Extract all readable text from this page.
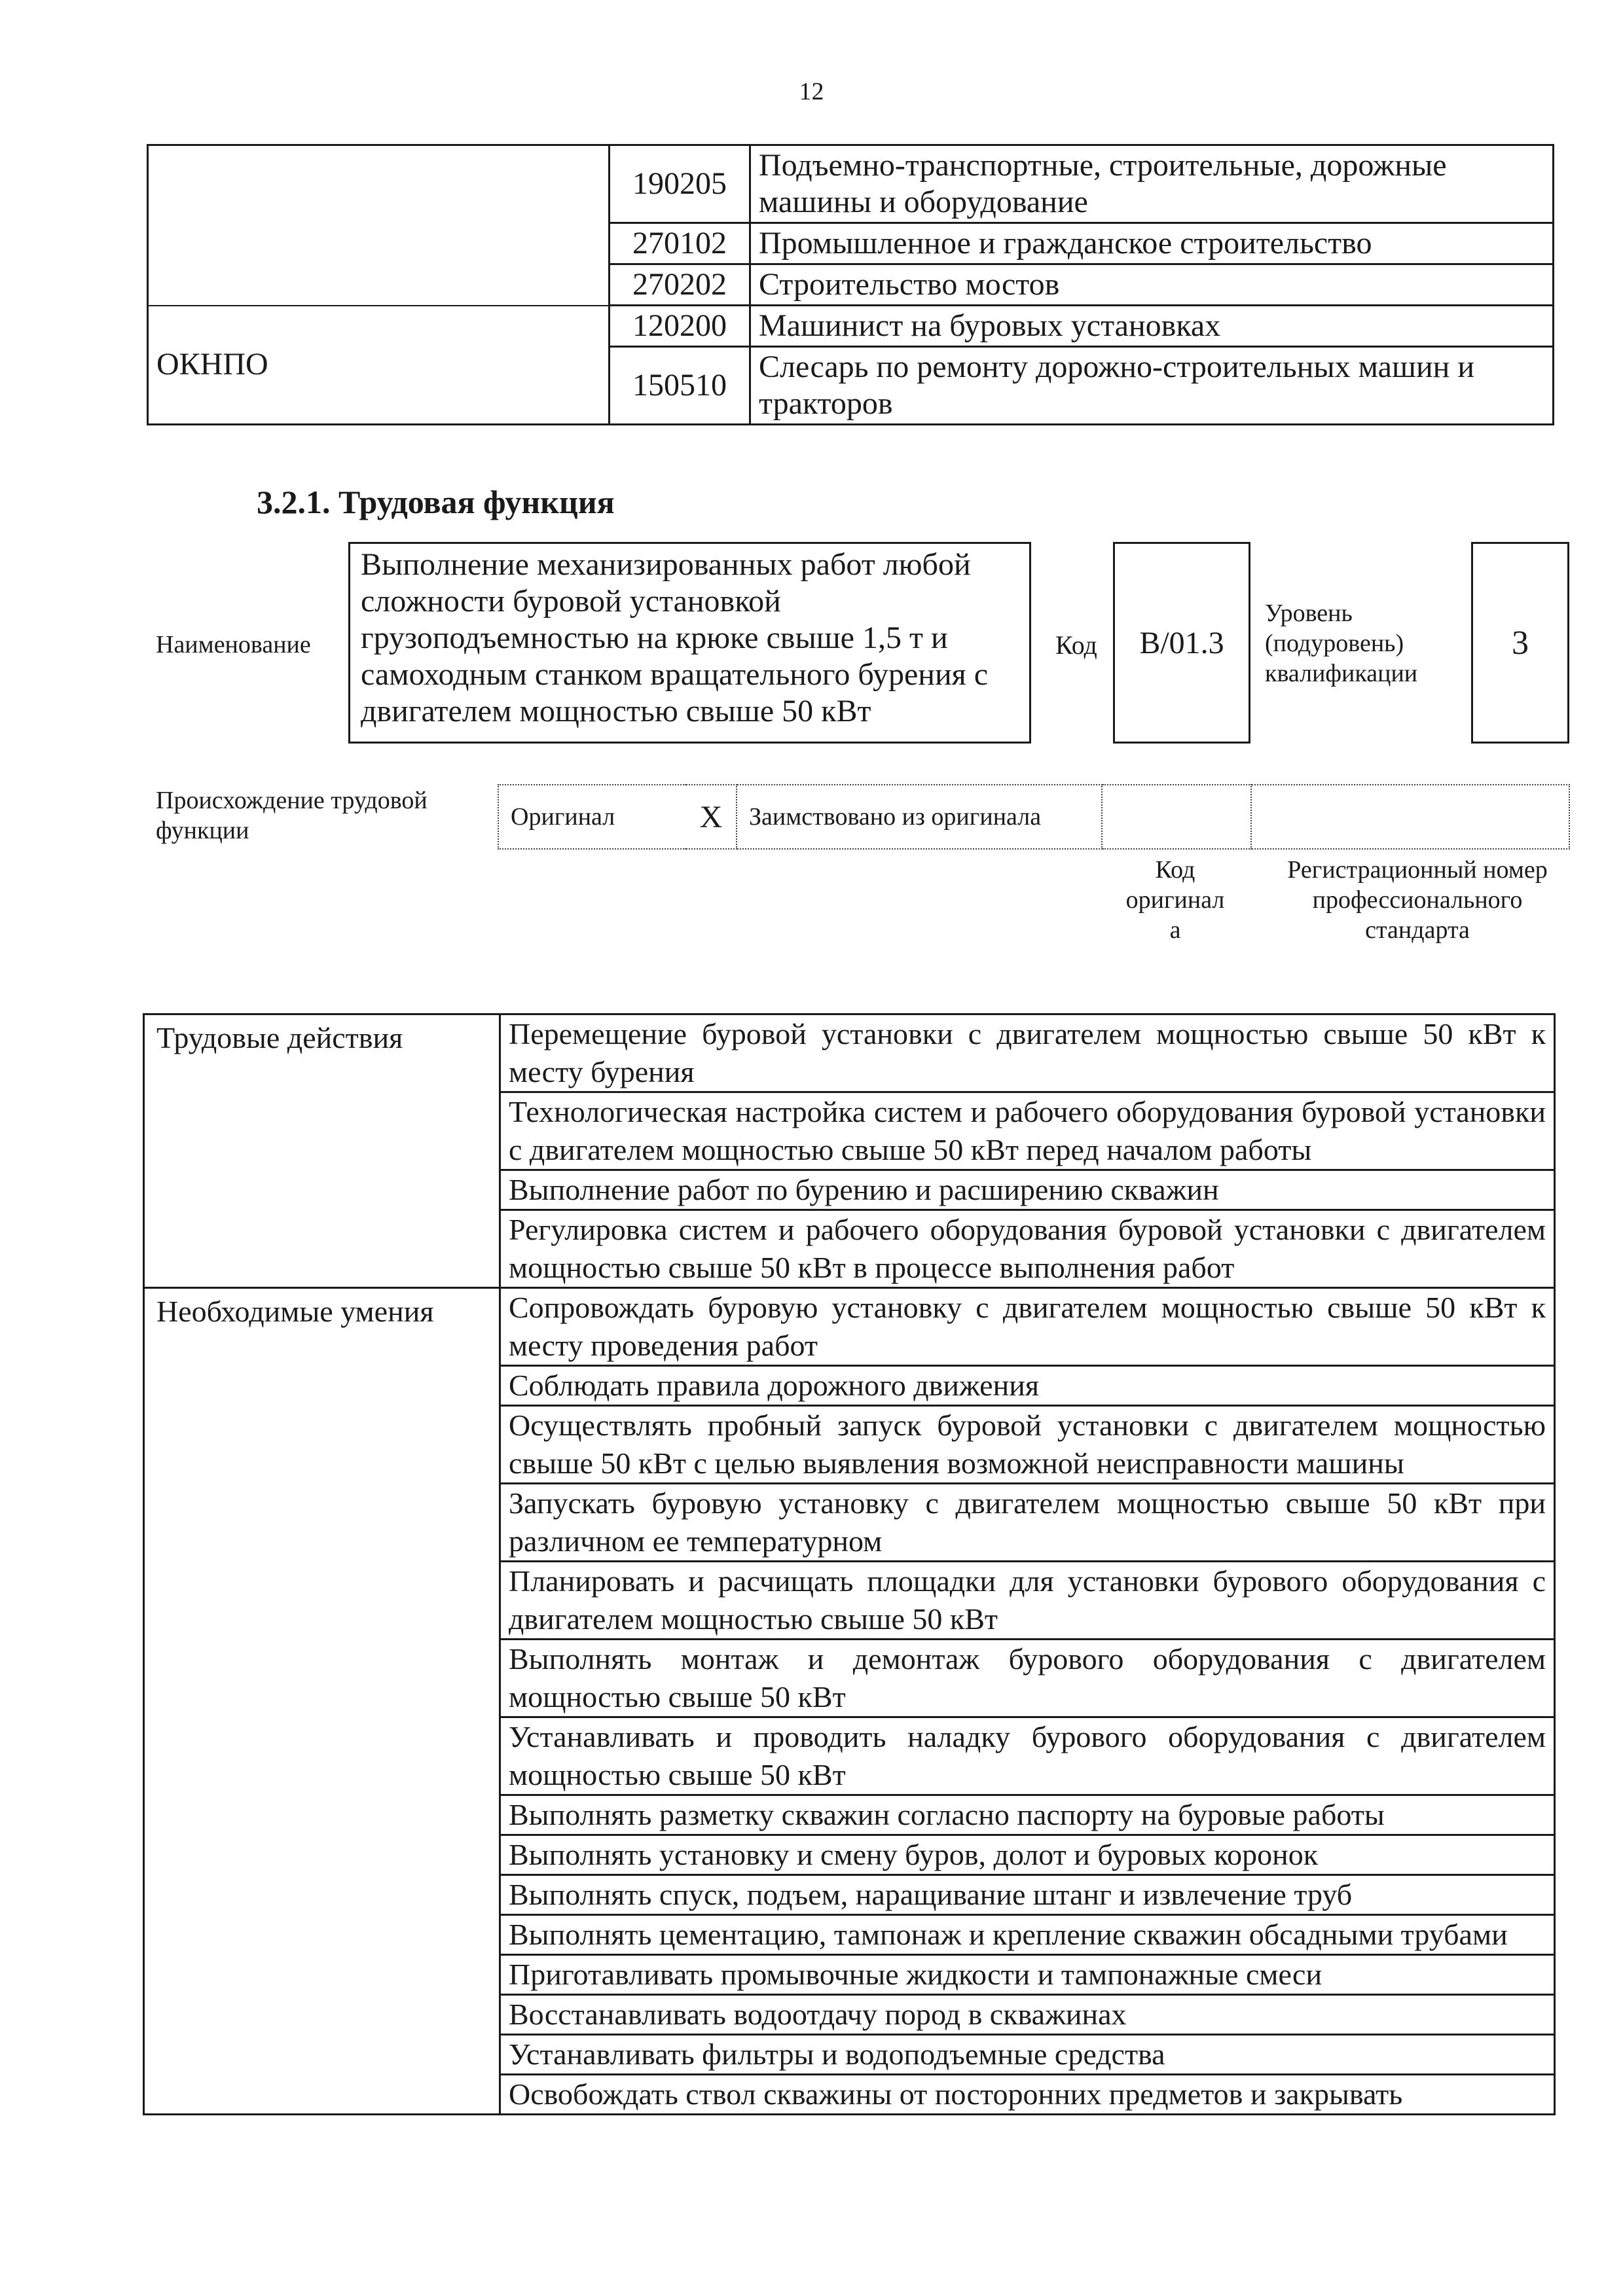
12
	190205	Подъемно-транспортные, строительные, дорожные машины и оборудование
	270102	Промышленное и гражданское строительство
	270202	Строительство мостов
ОКНПО	120200	Машинист на буровых установках
	150510	Слесарь по ремонту дорожно-строительных машин и тракторов
3.2.1. Трудовая функция
Наименование
Выполнение механизированных работ любой сложности буровой установкой грузоподъемностью на крюке свыше 1,5 т и самоходным станком вращательного бурения с двигателем мощностью свыше 50 кВт
Код B/01.3
Уровень (подуровень) квалификации
3
Происхождение трудовой функции	Оригинал	X	Заимствовано из оригинала		
Код оригинал а
Регистрационный номер профессионального стандарта
Трудовые действия	Перемещение буровой установки с двигателем мощностью свыше 50 кВт к месту бурения
	Технологическая настройка систем и рабочего оборудования буровой установки с двигателем мощностью свыше 50 кВт перед началом работы
	Выполнение работ по бурению и расширению скважин
	Регулировка систем и рабочего оборудования буровой установки с двигателем мощностью свыше 50 кВт в процессе выполнения работ
Необходимые умения	Сопровождать буровую установку с двигателем мощностью свыше 50 кВт к месту проведения работ
	Соблюдать правила дорожного движения
	Осуществлять пробный запуск буровой установки с двигателем мощностью свыше 50 кВт с целью выявления возможной неисправности машины
	Запускать буровую установку с двигателем мощностью свыше 50 кВт при различном ее температурном
	Планировать и расчищать площадки для установки бурового оборудования с двигателем мощностью свыше 50 кВт
	Выполнять монтаж и демонтаж бурового оборудования с двигателем мощностью свыше 50 кВт
	Устанавливать и проводить наладку бурового оборудования с двигателем мощностью свыше 50 кВт
	Выполнять разметку скважин согласно паспорту на буровые работы
	Выполнять установку и смену буров, долот и буровых коронок
	Выполнять спуск, подъем, наращивание штанг и извлечение труб
	Выполнять цементацию, тампонаж и крепление скважин обсадными трубами
	Приготавливать промывочные жидкости и тампонажные смеси
	Восстанавливать водоотдачу пород в скважинах
	Устанавливать фильтры и водоподъемные средства
	Освобождать ствол скважины от посторонних предметов и закрывать
